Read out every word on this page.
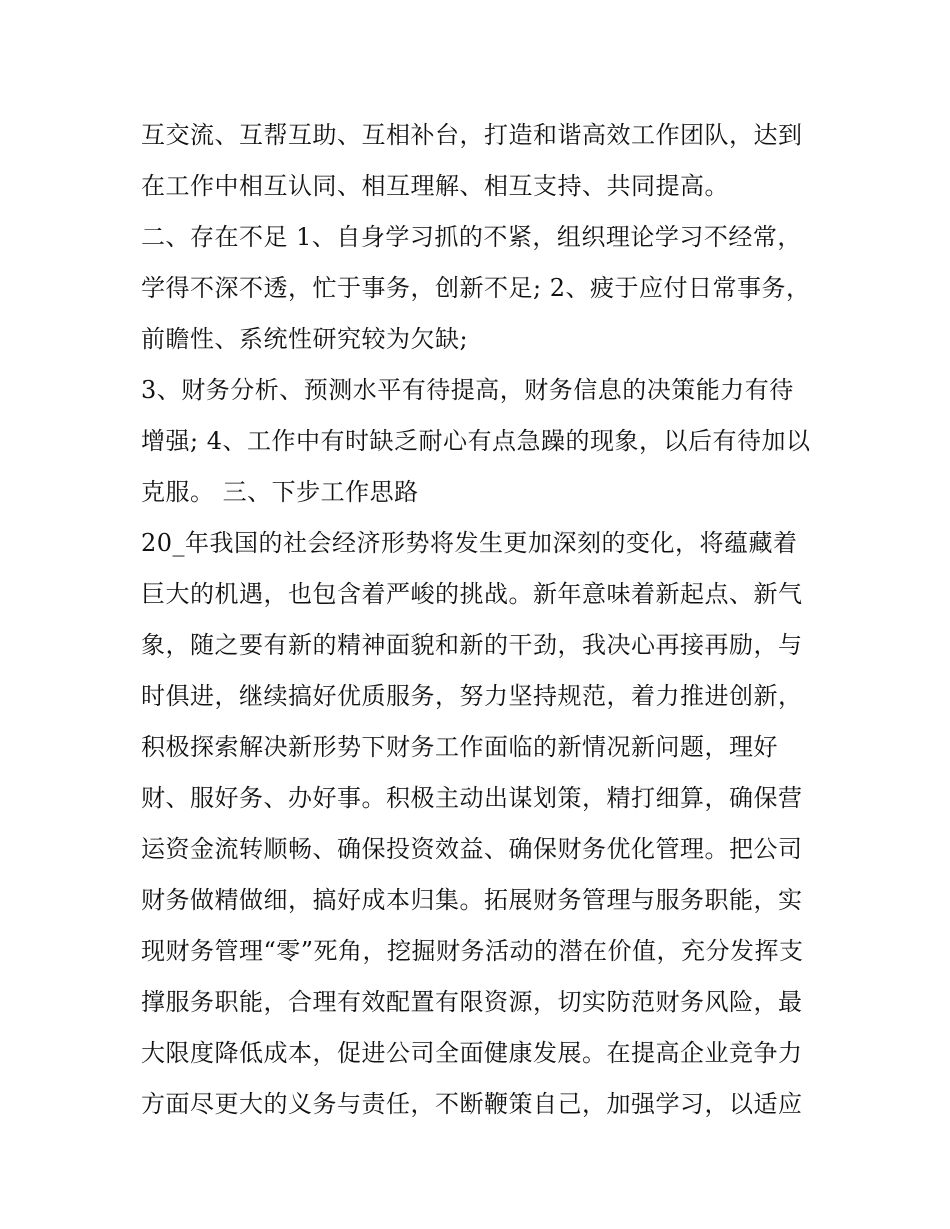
互交流、互帮互助、互相补台，打造和谐高效工作团队，达到
在工作中相互认同、相互理解、相互支持、共同提高。
二、存在不足 1、自身学习抓的不紧，组织理论学习不经常，
学得不深不透，忙于事务，创新不足; 2、疲于应付日常事务，
前瞻性、系统性研究较为欠缺;
3、财务分析、预测水平有待提高，财务信息的决策能力有待
增强; 4、工作中有时缺乏耐心有点急躁的现象，以后有待加以
克服。 三、下步工作思路
20_年我国的社会经济形势将发生更加深刻的变化，将蕴藏着
巨大的机遇，也包含着严峻的挑战。新年意味着新起点、新气
象，随之要有新的精神面貌和新的干劲，我决心再接再励，与
时俱进，继续搞好优质服务，努力坚持规范，着力推进创新，
积极探索解决新形势下财务工作面临的新情况新问题，理好
财、服好务、办好事。积极主动出谋划策，精打细算，确保营
运资金流转顺畅、确保投资效益、确保财务优化管理。把公司
财务做精做细，搞好成本归集。拓展财务管理与服务职能，实
现财务管理“零”死角，挖掘财务活动的潜在价值，充分发挥支
撑服务职能，合理有效配置有限资源，切实防范财务风险，最
大限度降低成本，促进公司全面健康发展。在提高企业竞争力
方面尽更大的义务与责任，不断鞭策自己，加强学习，以适应
